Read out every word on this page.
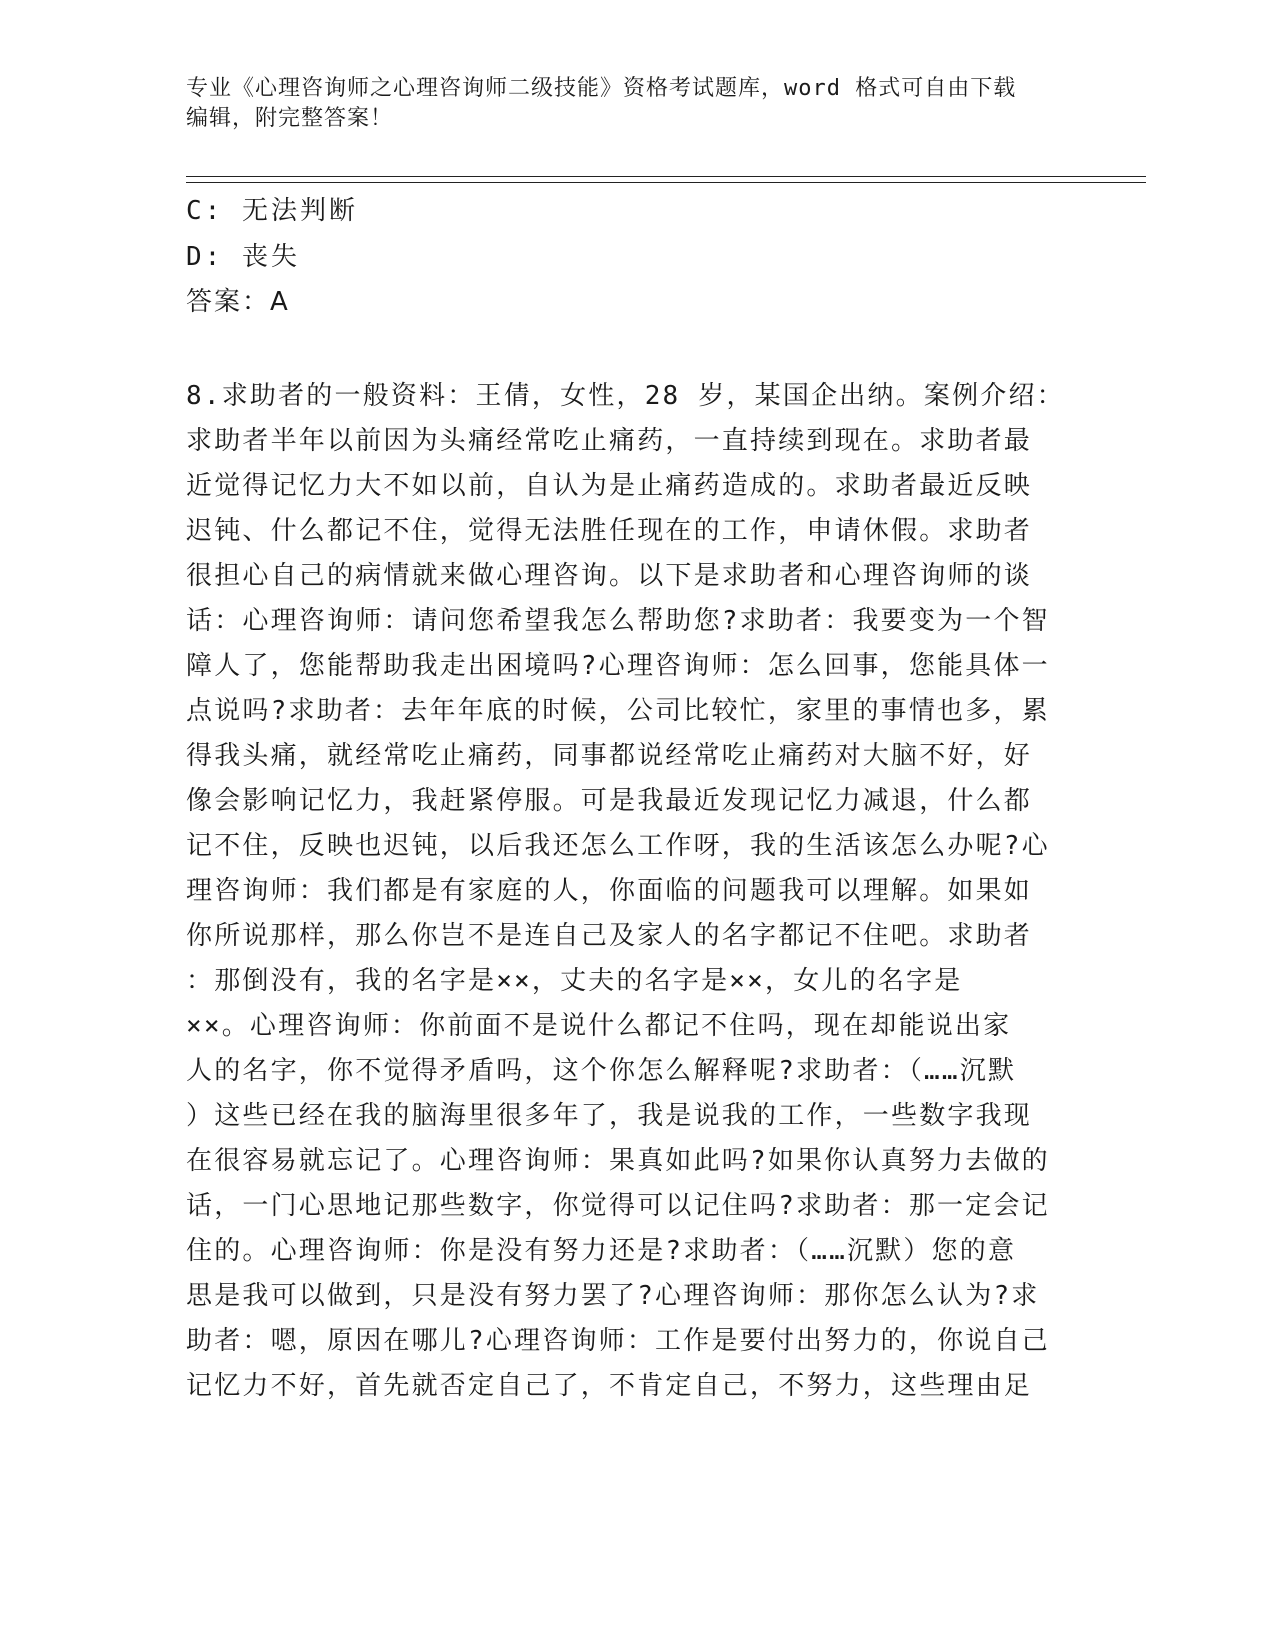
专业《心理咨询师之心理咨询师二级技能》资格考试题库，word 格式可自由下载
编辑，附完整答案！
C: 无法判断
D: 丧失
答案：A
8.求助者的一般资料：王倩，女性，28 岁，某国企出纳。案例介绍：
求助者半年以前因为头痛经常吃止痛药，一直持续到现在。求助者最
近觉得记忆力大不如以前，自认为是止痛药造成的。求助者最近反映
迟钝、什么都记不住，觉得无法胜任现在的工作，申请休假。求助者
很担心自己的病情就来做心理咨询。以下是求助者和心理咨询师的谈
话：心理咨询师：请问您希望我怎么帮助您?求助者：我要变为一个智
障人了，您能帮助我走出困境吗?心理咨询师：怎么回事，您能具体一
点说吗?求助者：去年年底的时候，公司比较忙，家里的事情也多，累
得我头痛，就经常吃止痛药，同事都说经常吃止痛药对大脑不好，好
像会影响记忆力，我赶紧停服。可是我最近发现记忆力减退，什么都
记不住，反映也迟钝，以后我还怎么工作呀，我的生活该怎么办呢?心
理咨询师：我们都是有家庭的人，你面临的问题我可以理解。如果如
你所说那样，那么你岂不是连自己及家人的名字都记不住吧。求助者
：那倒没有，我的名字是××，丈夫的名字是××，女儿的名字是
××。心理咨询师：你前面不是说什么都记不住吗，现在却能说出家
人的名字，你不觉得矛盾吗，这个你怎么解释呢?求助者：（……沉默
）这些已经在我的脑海里很多年了，我是说我的工作，一些数字我现
在很容易就忘记了。心理咨询师：果真如此吗?如果你认真努力去做的
话，一门心思地记那些数字，你觉得可以记住吗?求助者：那一定会记
住的。心理咨询师：你是没有努力还是?求助者：（……沉默）您的意
思是我可以做到，只是没有努力罢了?心理咨询师：那你怎么认为?求
助者：嗯，原因在哪儿?心理咨询师：工作是要付出努力的，你说自己
记忆力不好，首先就否定自己了，不肯定自己，不努力，这些理由足
